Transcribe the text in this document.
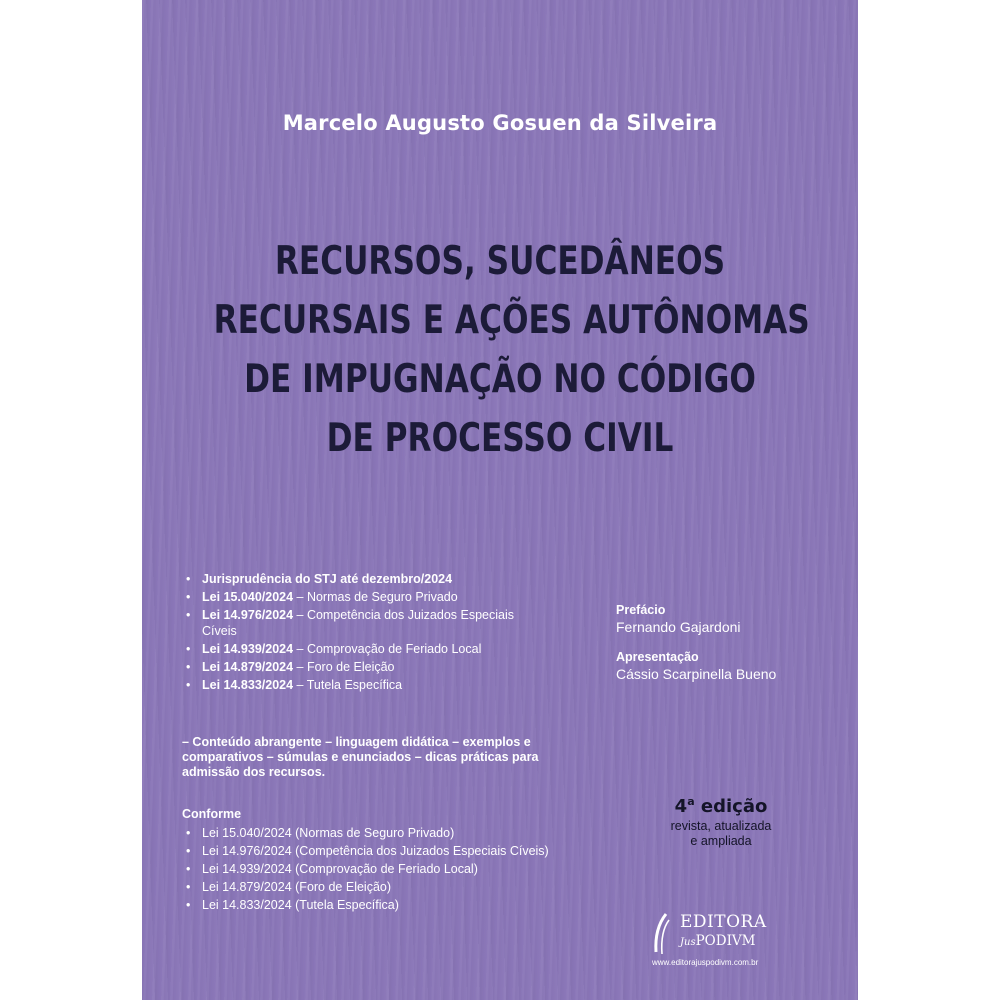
Marcelo Augusto Gosuen da Silveira
RECURSOS, SUCEDÂNEOS
RECURSAIS E AÇÕES AUTÔNOMAS
DE IMPUGNAÇÃO NO CÓDIGO
DE PROCESSO CIVIL
• Jurisprudência do STJ até dezembro/2024
• Lei 15.040/2024 – Normas de Seguro Privado
• Lei 14.976/2024 – Competência dos Juizados Especiais
Cíveis
• Lei 14.939/2024 – Comprovação de Feriado Local
• Lei 14.879/2024 – Foro de Eleição
• Lei 14.833/2024 – Tutela Específica
– Conteúdo abrangente – linguagem didática – exemplos e
comparativos – súmulas e enunciados – dicas práticas para
admissão dos recursos.
Conforme
• Lei 15.040/2024 (Normas de Seguro Privado)
• Lei 14.976/2024 (Competência dos Juizados Especiais Cíveis)
• Lei 14.939/2024 (Comprovação de Feriado Local)
• Lei 14.879/2024 (Foro de Eleição)
• Lei 14.833/2024 (Tutela Específica)
Prefácio
Fernando Gajardoni
Apresentação
Cássio Scarpinella Bueno
4$^a$ edição
revista, atualizada
e ampliada
EDITORA
JusPODIVM
www.editorajuspodivm.com.br
